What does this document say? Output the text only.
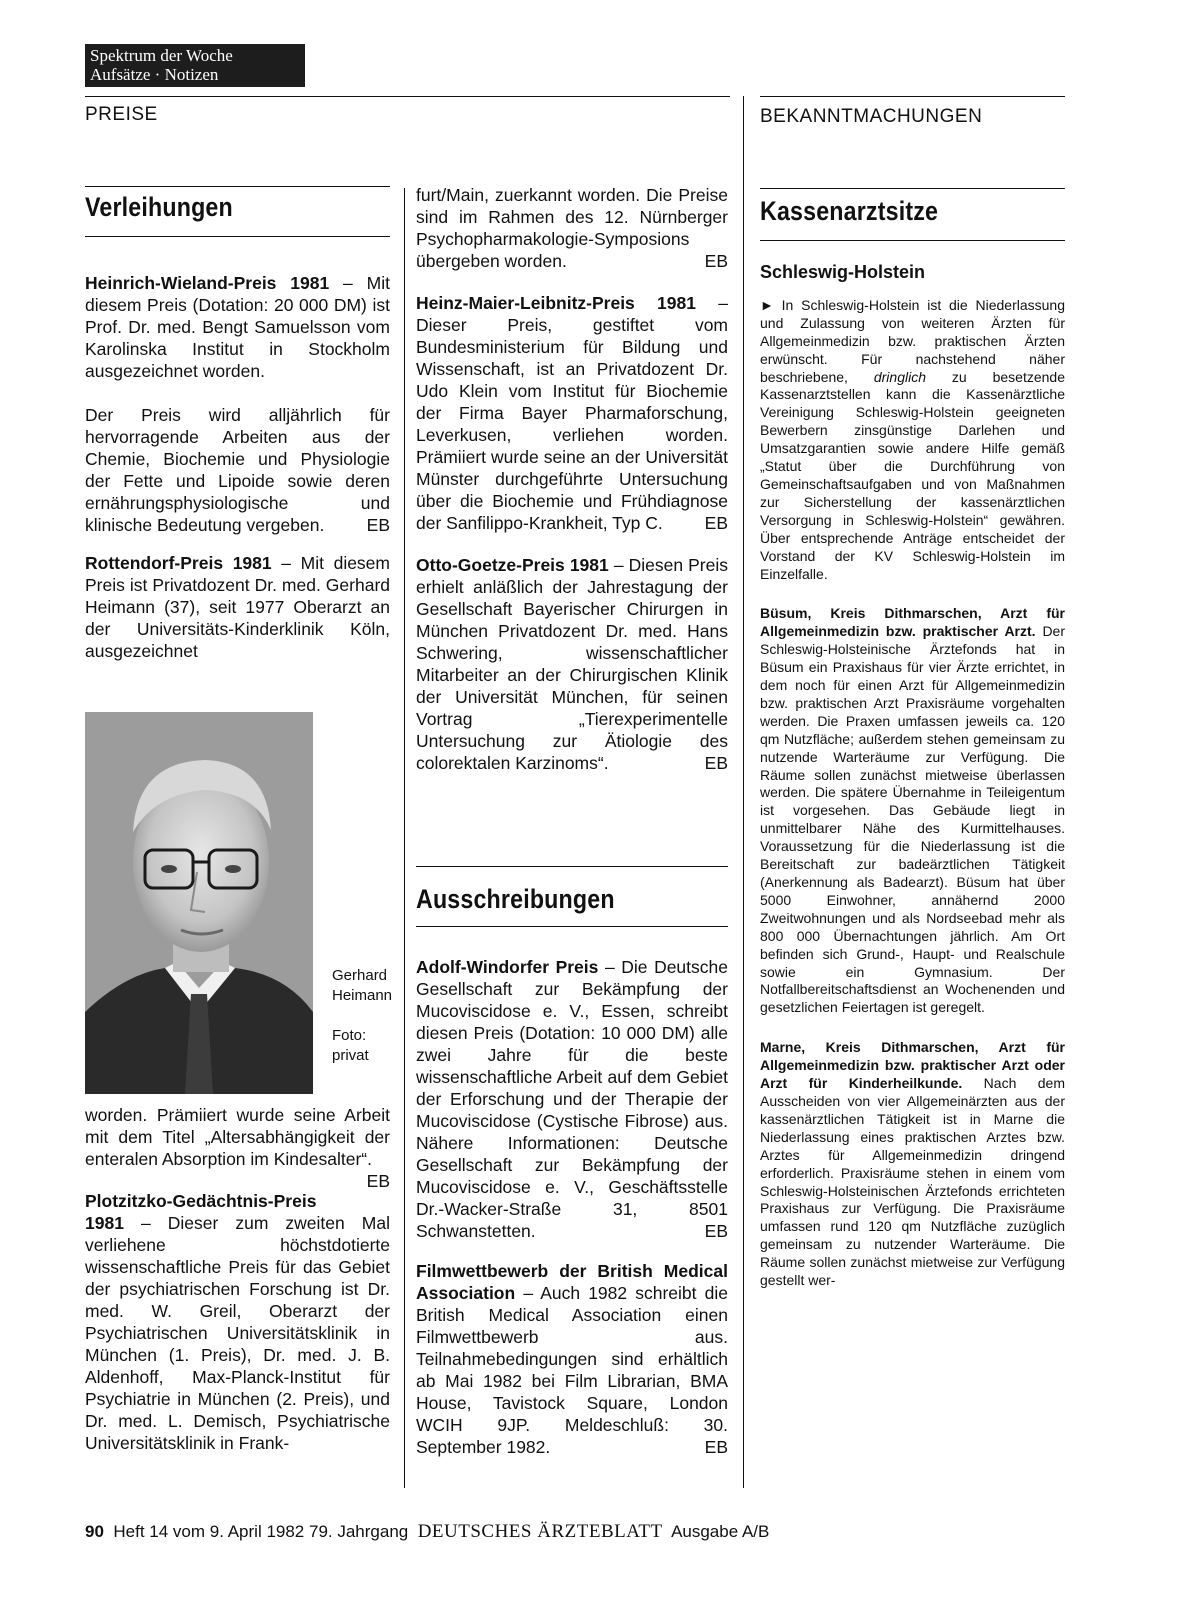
Spektrum der Woche
Aufsätze · Notizen
PREISE	BEKANNTMACHUNGEN
Verleihungen

Heinrich-Wieland-Preis 1981 – Mit diesem Preis (Dotation: 20 000 DM) ist Prof. Dr. med. Bengt Samuelsson vom Karolinska Institut in Stockholm ausgezeichnet worden.

Der Preis wird alljährlich für hervorragende Arbeiten aus der Chemie, Biochemie und Physiologie der Fette und Lipoide sowie deren ernährungsphysiologische und klinische Bedeutung vergeben. EB

Rottendorf-Preis 1981 – Mit diesem Preis ist Privatdozent Dr. med. Gerhard Heimann (37), seit 1977 Oberarzt an der Universitäts-Kinderklinik Köln, ausgezeichnet

Gerhard Heimann
Foto: privat

worden. Prämiiert wurde seine Arbeit mit dem Titel „Altersabhängigkeit der enteralen Absorption im Kindesalter“.
EB

Plotzitzko-Gedächtnis-Preis 1981 – Dieser zum zweiten Mal verliehene höchstdotierte wissenschaftliche Preis für das Gebiet der psychiatrischen Forschung ist Dr. med. W. Greil, Oberarzt der Psychiatrischen Universitätsklinik in München (1. Preis), Dr. med. J. B. Aldenhoff, Max-Planck-Institut für Psychiatrie in München (2. Preis), und Dr. med. L. Demisch, Psychiatrische Universitätsklinik in Frank-

furt/Main, zuerkannt worden. Die Preise sind im Rahmen des 12. Nürnberger Psychopharmakologie-Symposions übergeben worden.	EB

Heinz-Maier-Leibnitz-Preis 1981 – Dieser Preis, gestiftet vom Bundesministerium für Bildung und Wissenschaft, ist an Privatdozent Dr. Udo Klein vom Institut für Biochemie der Firma Bayer Pharmaforschung, Leverkusen, verliehen worden. Prämiiert wurde seine an der Universität Münster durchgeführte Untersuchung über die Biochemie und Frühdiagnose der Sanfilippo-Krankheit, Typ C. EB

Otto-Goetze-Preis 1981 – Diesen Preis erhielt anläßlich der Jahrestagung der Gesellschaft Bayerischer Chirurgen in München Privatdozent Dr. med. Hans Schwering, wissenschaftlicher Mitarbeiter an der Chirurgischen Klinik der Universität München, für seinen Vortrag „Tierexperimentelle Untersuchung zur Ätiologie des colorektalen Karzinoms“.	EB

Ausschreibungen

Adolf-Windorfer Preis – Die Deutsche Gesellschaft zur Bekämpfung der Mucoviscidose e. V., Essen, schreibt diesen Preis (Dotation: 10 000 DM) alle zwei Jahre für die beste wissenschaftliche Arbeit auf dem Gebiet der Erforschung und der Therapie der Mucoviscidose (Cystische Fibrose) aus. Nähere Informationen: Deutsche Gesellschaft zur Bekämpfung der Mucoviscidose e. V., Geschäftsstelle Dr.-Wacker-Straße 31, 8501 Schwanstetten.	EB

Filmwettbewerb der British Medical Association – Auch 1982 schreibt die British Medical Association einen Filmwettbewerb aus. Teilnahmebedingungen sind erhältlich ab Mai 1982 bei Film Librarian, BMA House, Tavistock Square, London WCIH 9JP. Meldeschluß: 30. September 1982.	EB

Kassenarztsitze

Schleswig-Holstein

► In Schleswig-Holstein ist die Niederlassung und Zulassung von weiteren Ärzten für Allgemeinmedizin bzw. praktischen Ärzten erwünscht. Für nachstehend näher beschriebene, dringlich zu besetzende Kassenarztstellen kann die Kassenärztliche Vereinigung Schleswig-Holstein geeigneten Bewerbern zinsgünstige Darlehen und Umsatzgarantien sowie andere Hilfe gemäß „Statut über die Durchführung von Gemeinschaftsaufgaben und von Maßnahmen zur Sicherstellung der kassenärztlichen Versorgung in Schleswig-Holstein“ gewähren. Über entsprechende Anträge entscheidet der Vorstand der KV Schleswig-Holstein im Einzelfalle.

Büsum, Kreis Dithmarschen, Arzt für Allgemeinmedizin bzw. praktischer Arzt. Der Schleswig-Holsteinische Ärztefonds hat in Büsum ein Praxishaus für vier Ärzte errichtet, in dem noch für einen Arzt für Allgemeinmedizin bzw. praktischen Arzt Praxisräume vorgehalten werden. Die Praxen umfassen jeweils ca. 120 qm Nutzfläche; außerdem stehen gemeinsam zu nutzende Warteräume zur Verfügung. Die Räume sollen zunächst mietweise überlassen werden. Die spätere Übernahme in Teileigentum ist vorgesehen. Das Gebäude liegt in unmittelbarer Nähe des Kurmittelhauses. Voraussetzung für die Niederlassung ist die Bereitschaft zur badeärztlichen Tätigkeit (Anerkennung als Badearzt). Büsum hat über 5000 Einwohner, annähernd 2000 Zweitwohnungen und als Nordseebad mehr als 800 000 Übernachtungen jährlich. Am Ort befinden sich Grund-, Haupt- und Realschule sowie ein Gymnasium. Der Notfallbereitschaftsdienst an Wochenenden und gesetzlichen Feiertagen ist geregelt.

Marne, Kreis Dithmarschen, Arzt für Allgemeinmedizin bzw. praktischer Arzt oder Arzt für Kinderheilkunde. Nach dem Ausscheiden von vier Allgemeinärzten aus der kassenärztlichen Tätigkeit ist in Marne die Niederlassung eines praktischen Arztes bzw. Arztes für Allgemeinmedizin dringend erforderlich. Praxisräume stehen in einem vom Schleswig-Holsteinischen Ärztefonds errichteten Praxishaus zur Verfügung. Die Praxisräume umfassen rund 120 qm Nutzfläche zuzüglich gemeinsam zu nutzender Warteräume. Die Räume sollen zunächst mietweise zur Verfügung gestellt wer-

90 Heft 14 vom 9. April 1982 79. Jahrgang DEUTSCHES ÄRZTEBLATT Ausgabe A/B
